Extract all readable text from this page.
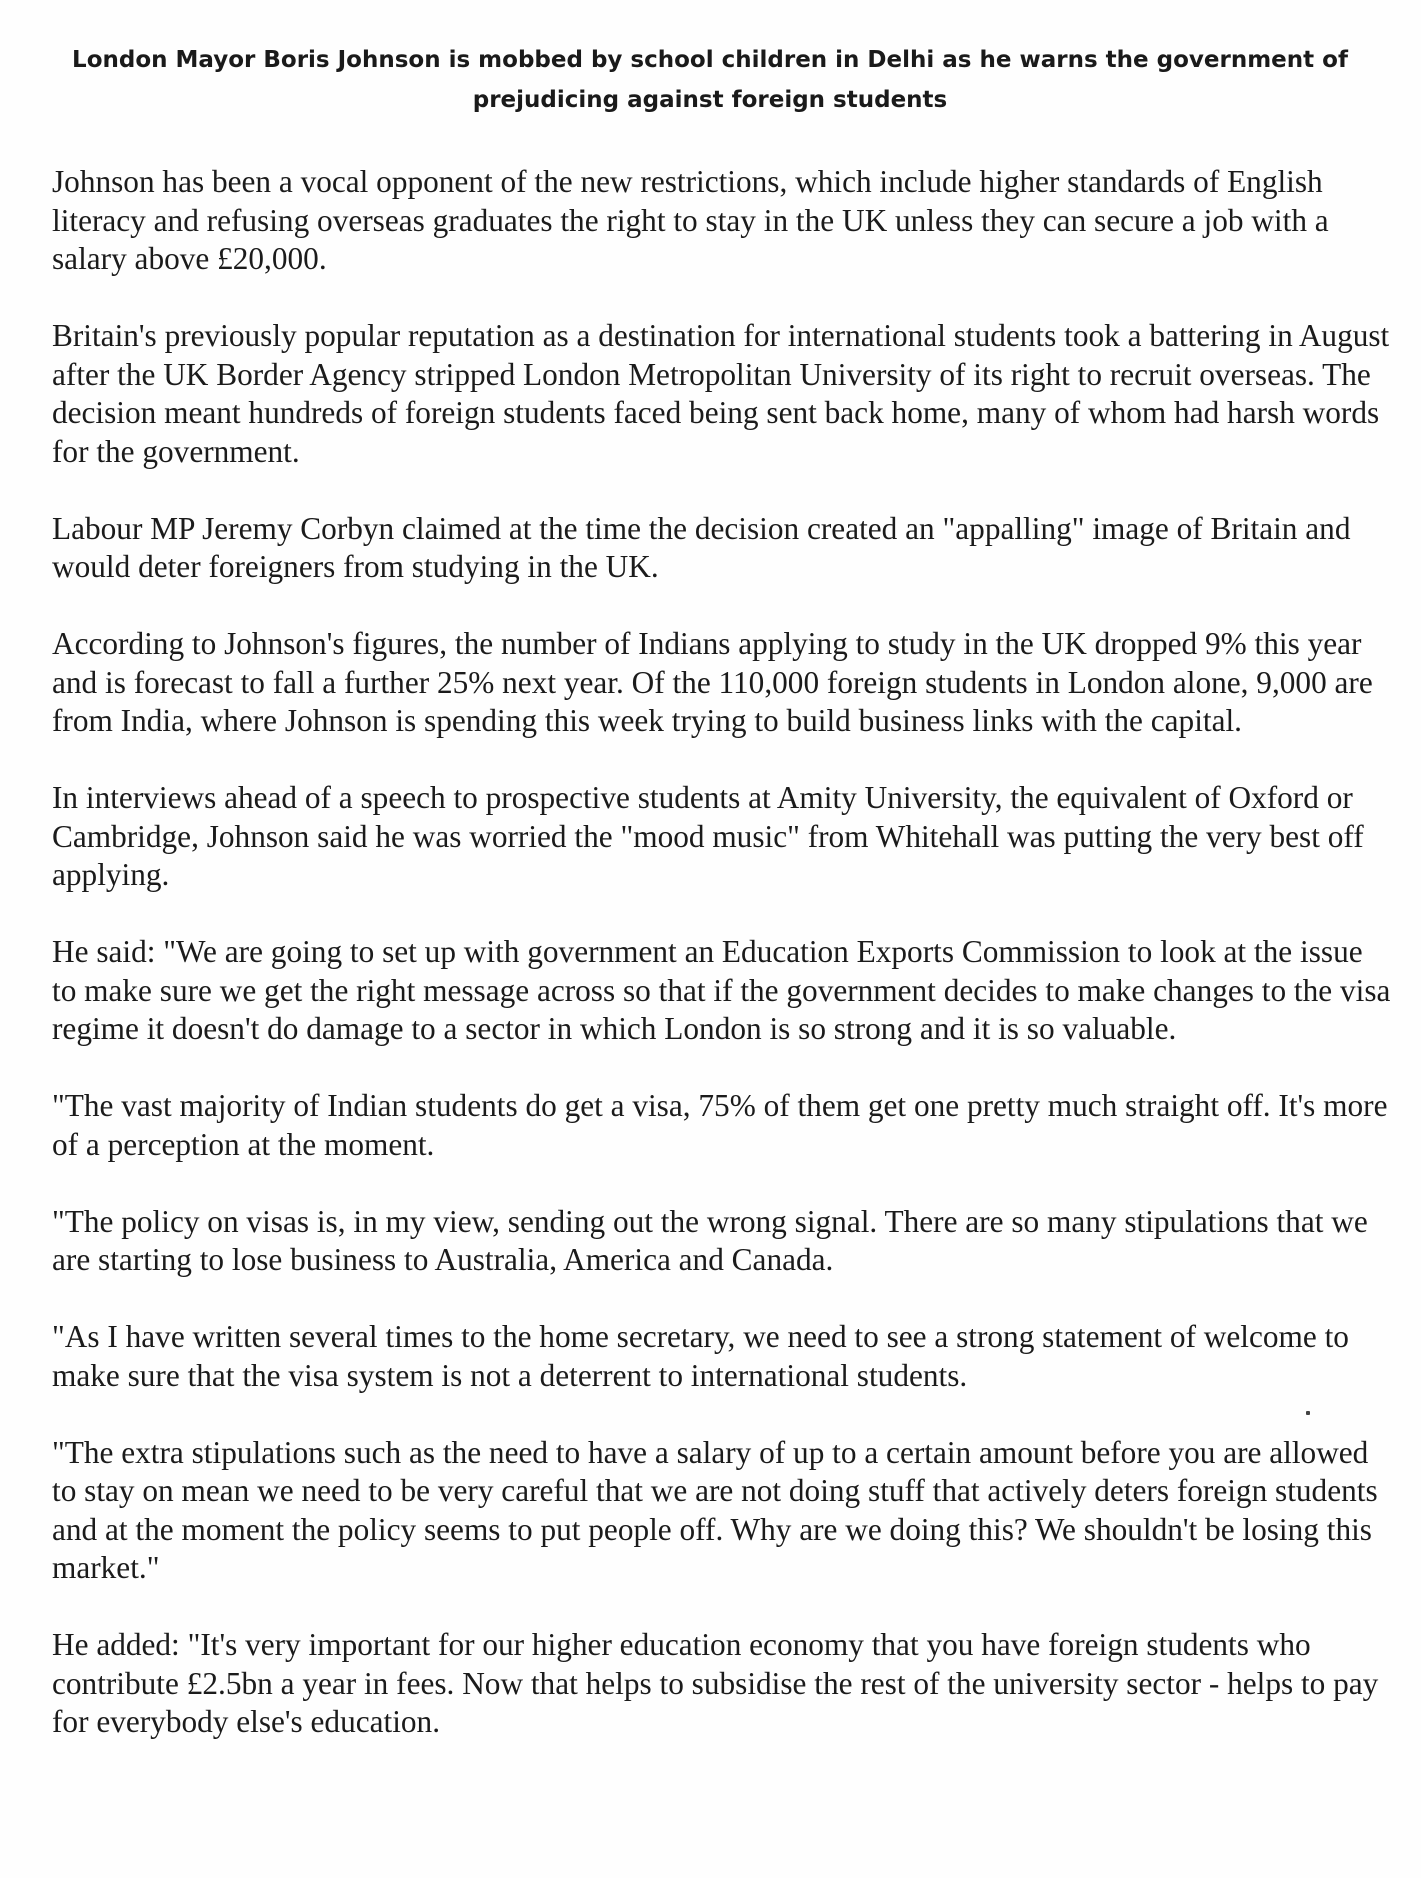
London Mayor Boris Johnson is mobbed by school children in Delhi as he warns the government of prejudicing against foreign students

Johnson has been a vocal opponent of the new restrictions, which include higher standards of English literacy and refusing overseas graduates the right to stay in the UK unless they can secure a job with a salary above £20,000.

Britain's previously popular reputation as a destination for international students took a battering in August after the UK Border Agency stripped London Metropolitan University of its right to recruit overseas. The decision meant hundreds of foreign students faced being sent back home, many of whom had harsh words for the government.

Labour MP Jeremy Corbyn claimed at the time the decision created an "appalling" image of Britain and would deter foreigners from studying in the UK.

According to Johnson's figures, the number of Indians applying to study in the UK dropped 9% this year and is forecast to fall a further 25% next year. Of the 110,000 foreign students in London alone, 9,000 are from India, where Johnson is spending this week trying to build business links with the capital.

In interviews ahead of a speech to prospective students at Amity University, the equivalent of Oxford or Cambridge, Johnson said he was worried the "mood music" from Whitehall was putting the very best off applying.

He said: "We are going to set up with government an Education Exports Commission to look at the issue to make sure we get the right message across so that if the government decides to make changes to the visa regime it doesn't do damage to a sector in which London is so strong and it is so valuable.

"The vast majority of Indian students do get a visa, 75% of them get one pretty much straight off. It's more of a perception at the moment.

"The policy on visas is, in my view, sending out the wrong signal. There are so many stipulations that we are starting to lose business to Australia, America and Canada.

"As I have written several times to the home secretary, we need to see a strong statement of welcome to make sure that the visa system is not a deterrent to international students.

"The extra stipulations such as the need to have a salary of up to a certain amount before you are allowed to stay on mean we need to be very careful that we are not doing stuff that actively deters foreign students and at the moment the policy seems to put people off. Why are we doing this? We shouldn't be losing this market."

He added: "It's very important for our higher education economy that you have foreign students who contribute £2.5bn a year in fees. Now that helps to subsidise the rest of the university sector - helps to pay for everybody else's education.
